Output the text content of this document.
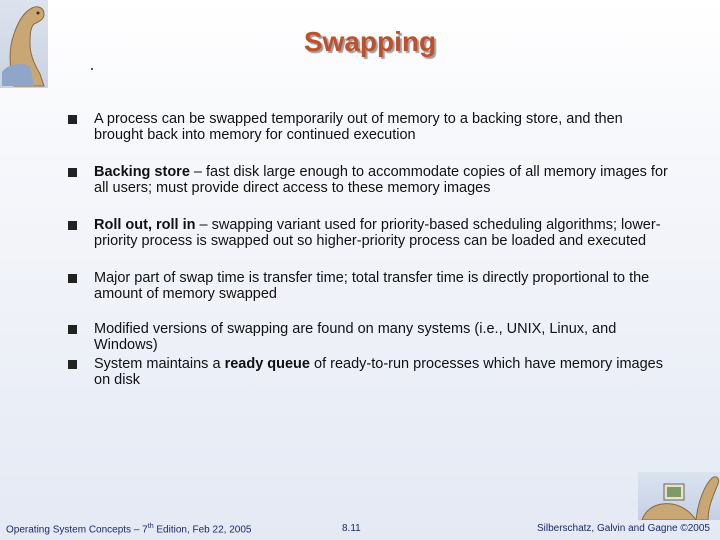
Swapping
A process can be swapped temporarily out of memory to a backing store, and then brought back into memory for continued execution
Backing store – fast disk large enough to accommodate copies of all memory images for all users; must provide direct access to these memory images
Roll out, roll in – swapping variant used for priority-based scheduling algorithms; lower-priority process is swapped out so higher-priority process can be loaded and executed
Major part of swap time is transfer time; total transfer time is directly proportional to the amount of memory swapped
Modified versions of swapping are found on many systems (i.e., UNIX, Linux, and Windows)
System maintains a ready queue of ready-to-run processes which have memory images on disk
Operating System Concepts – 7th Edition, Feb 22, 2005	8.11	Silberschatz, Galvin and Gagne ©2005
